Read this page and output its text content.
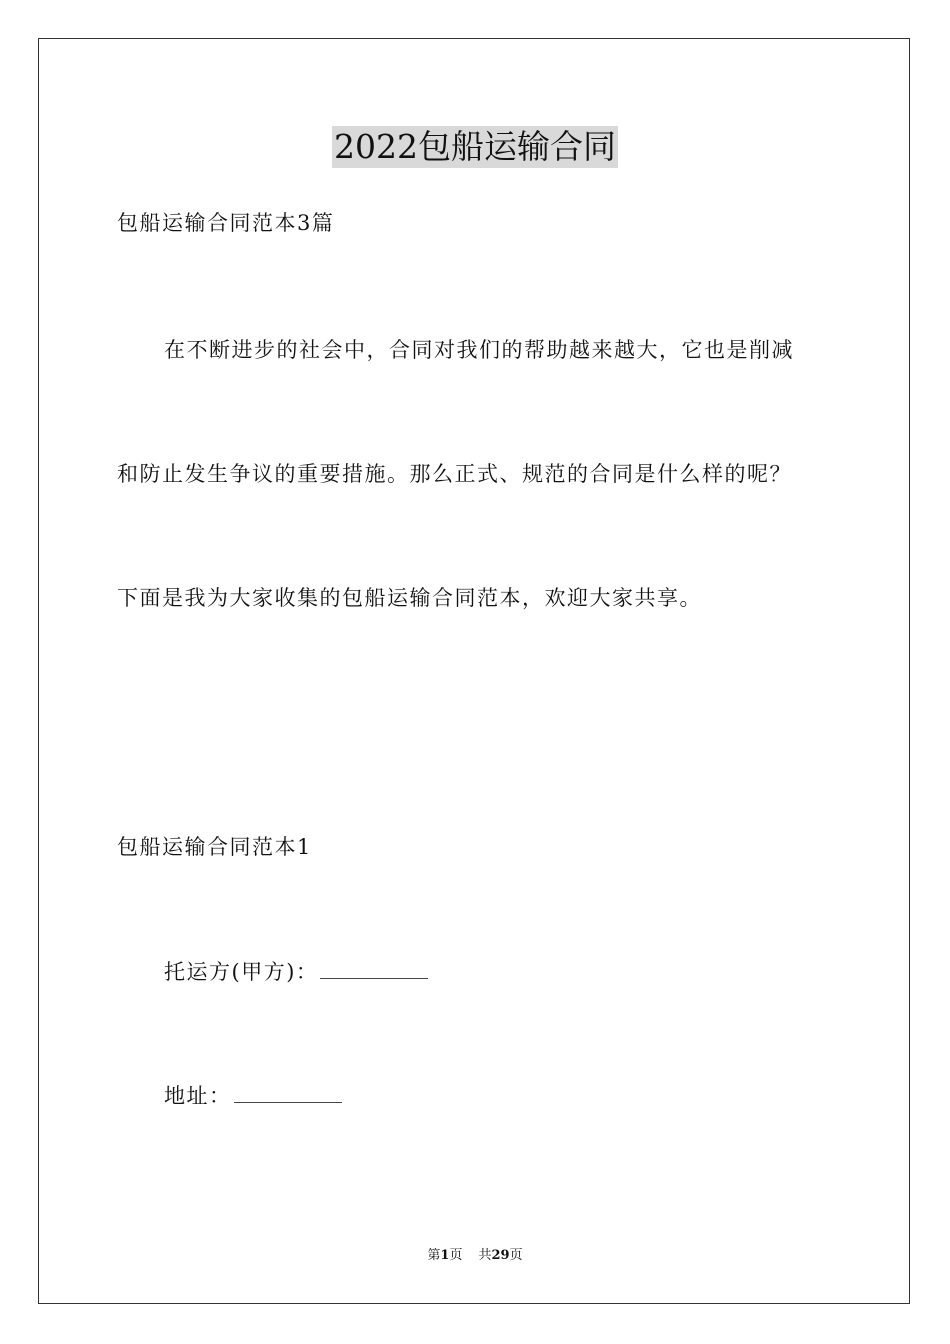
2022包船运输合同
包船运输合同范本3篇
在不断进步的社会中，合同对我们的帮助越来越大，它也是削减
和防止发生争议的重要措施。那么正式、规范的合同是什么样的呢？
下面是我为大家收集的包船运输合同范本，欢迎大家共享。
包船运输合同范本1
托运方(甲方)：
地址：
第1页 共29页
